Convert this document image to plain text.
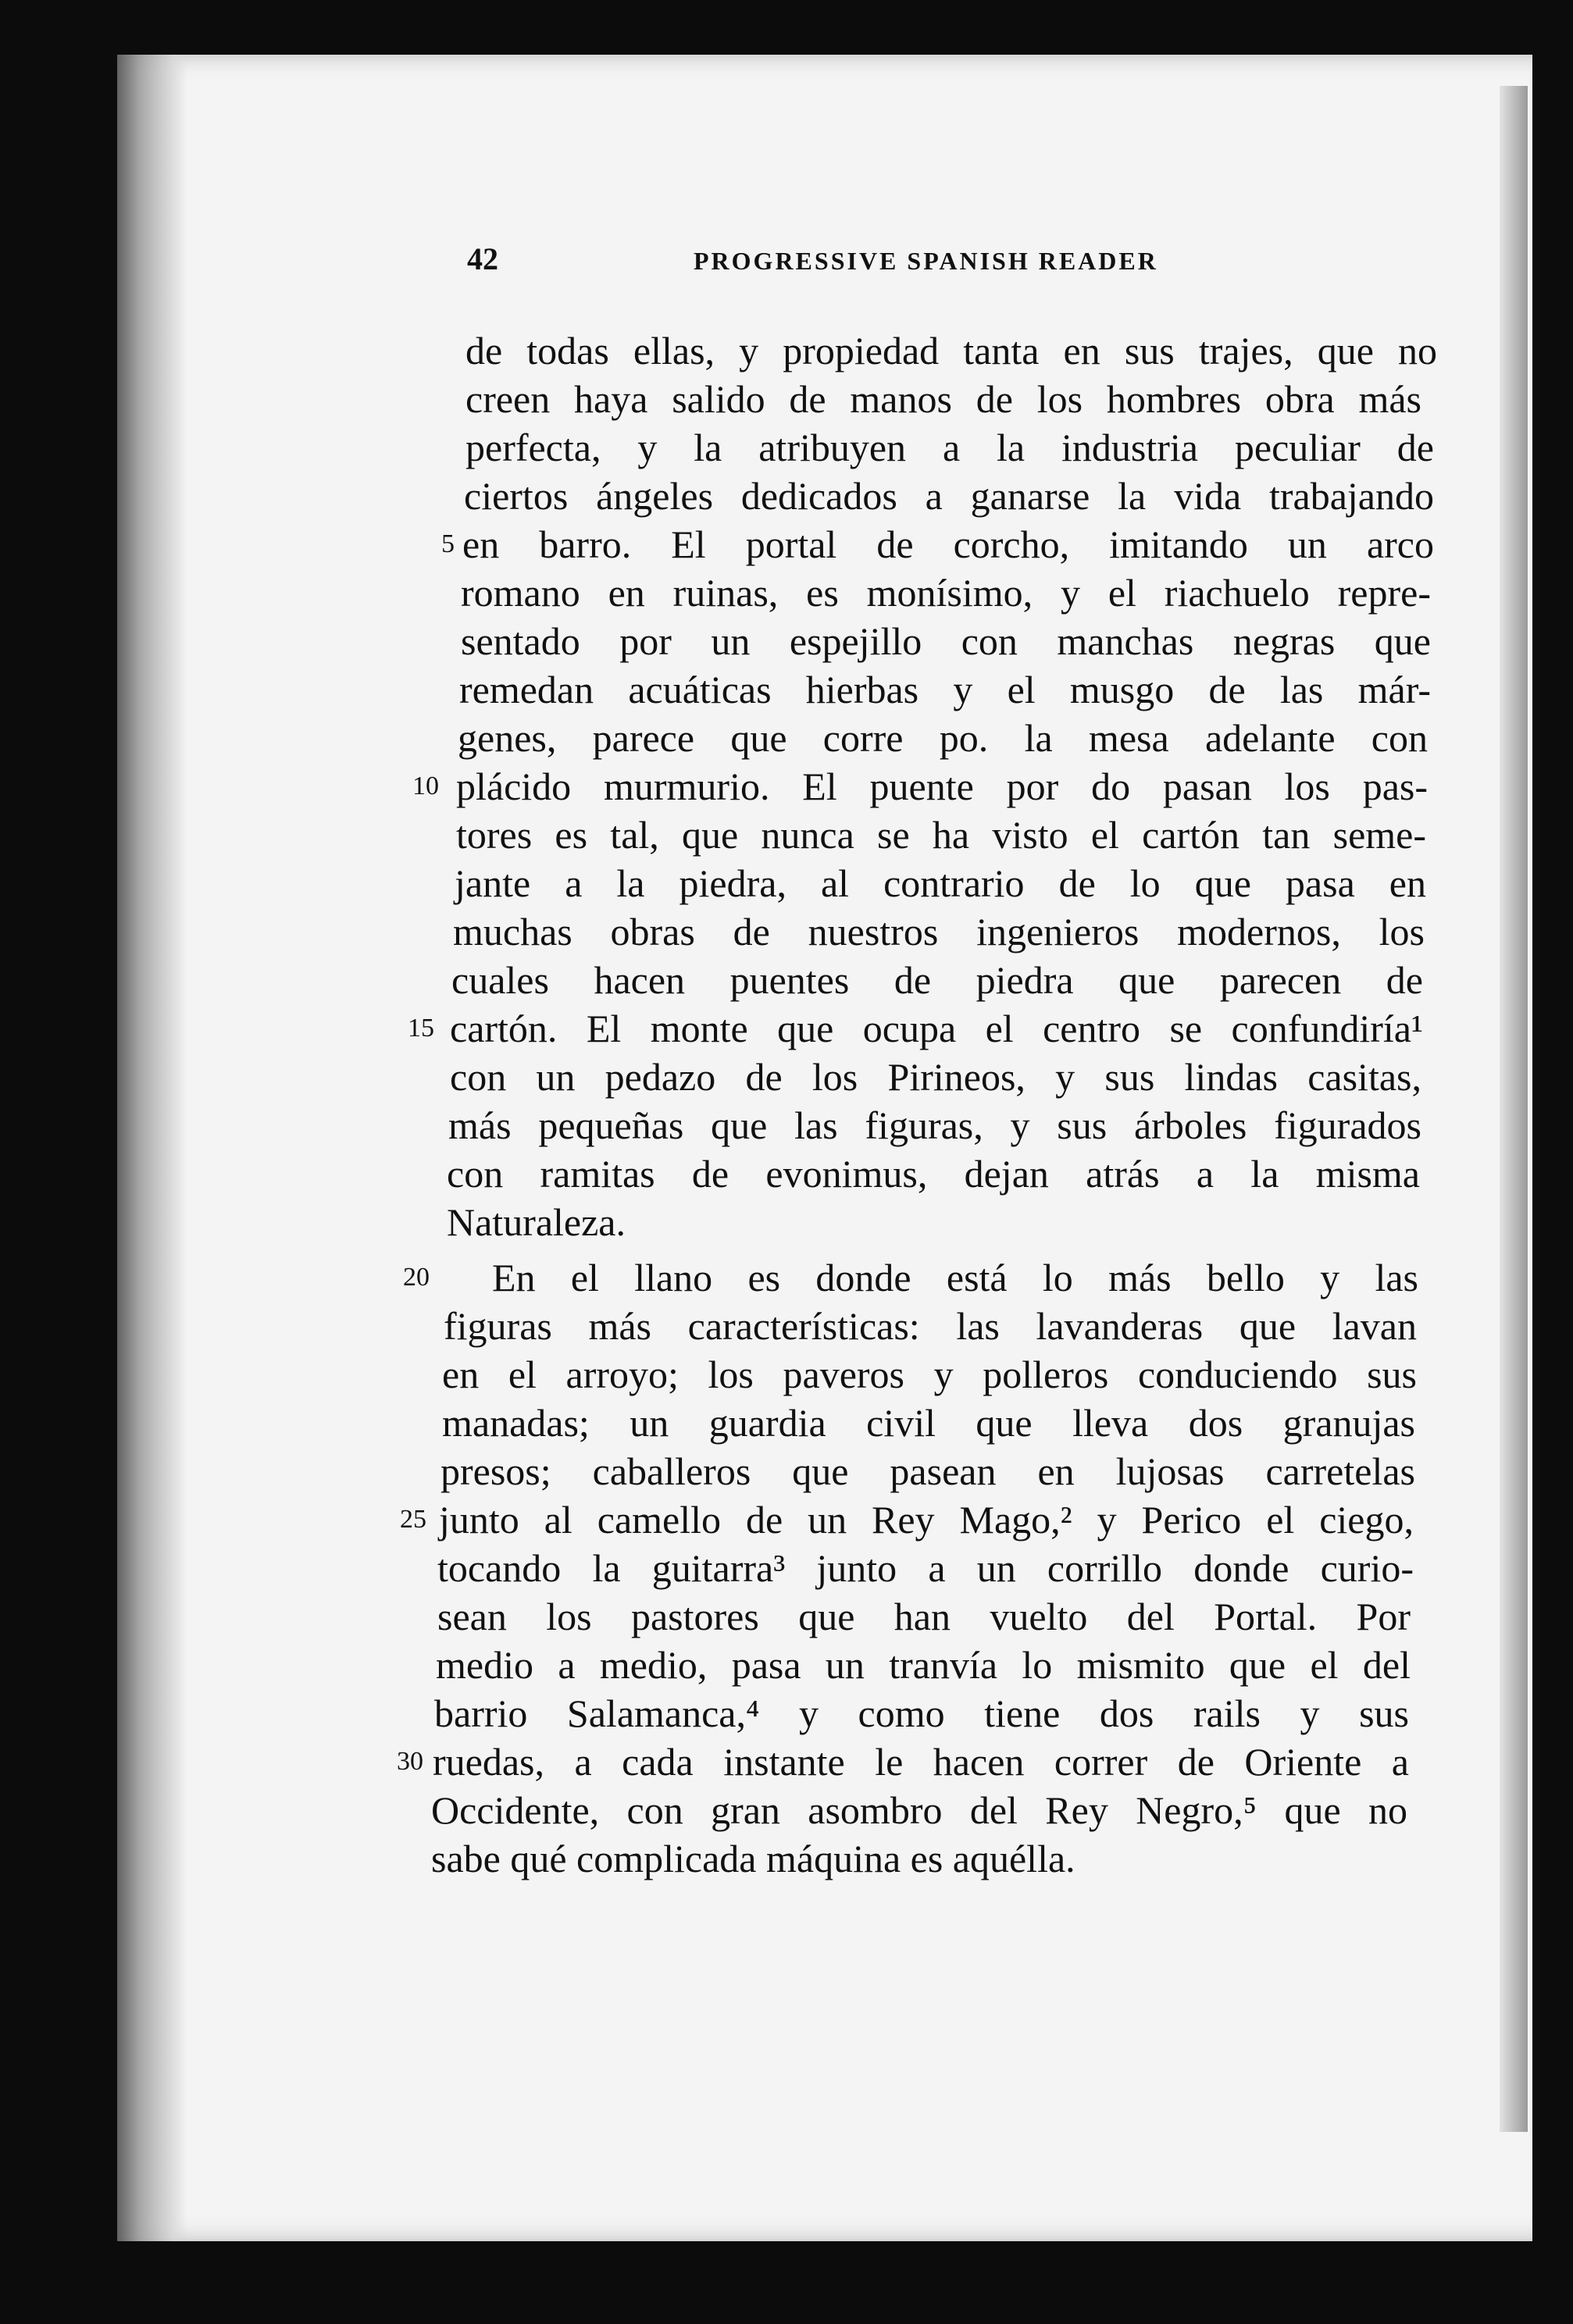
42	PROGRESSIVE SPANISH READER
de todas ellas, y propiedad tanta en sus trajes, que no
creen haya salido de manos de los hombres obra más
perfecta, y la atribuyen a la industria peculiar de
ciertos ángeles dedicados a ganarse la vida trabajando
en barro. El portal de corcho, imitando un arco
romano en ruinas, es monísimo, y el riachuelo repre-
sentado por un espejillo con manchas negras que
remedan acuáticas hierbas y el musgo de las már-
genes, parece que corre po. la mesa adelante con
plácido murmurio. El puente por do pasan los pas-
tores es tal, que nunca se ha visto el cartón tan seme-
jante a la piedra, al contrario de lo que pasa en
muchas obras de nuestros ingenieros modernos, los
cuales hacen puentes de piedra que parecen de
cartón. El monte que ocupa el centro se confundiría¹
con un pedazo de los Pirineos, y sus lindas casitas,
más pequeñas que las figuras, y sus árboles figurados
con ramitas de evonimus, dejan atrás a la misma
Naturaleza.
En el llano es donde está lo más bello y las
figuras más características: las lavanderas que lavan
en el arroyo; los paveros y polleros conduciendo sus
manadas; un guardia civil que lleva dos granujas
presos; caballeros que pasean en lujosas carretelas
junto al camello de un Rey Mago,² y Perico el ciego,
tocando la guitarra³ junto a un corrillo donde curio-
sean los pastores que han vuelto del Portal. Por
medio a medio, pasa un tranvía lo mismito que el del
barrio Salamanca,⁴ y como tiene dos rails y sus
ruedas, a cada instante le hacen correr de Oriente a
Occidente, con gran asombro del Rey Negro,⁵ que no
sabe qué complicada máquina es aquélla.
5
10
15
20
25
30
